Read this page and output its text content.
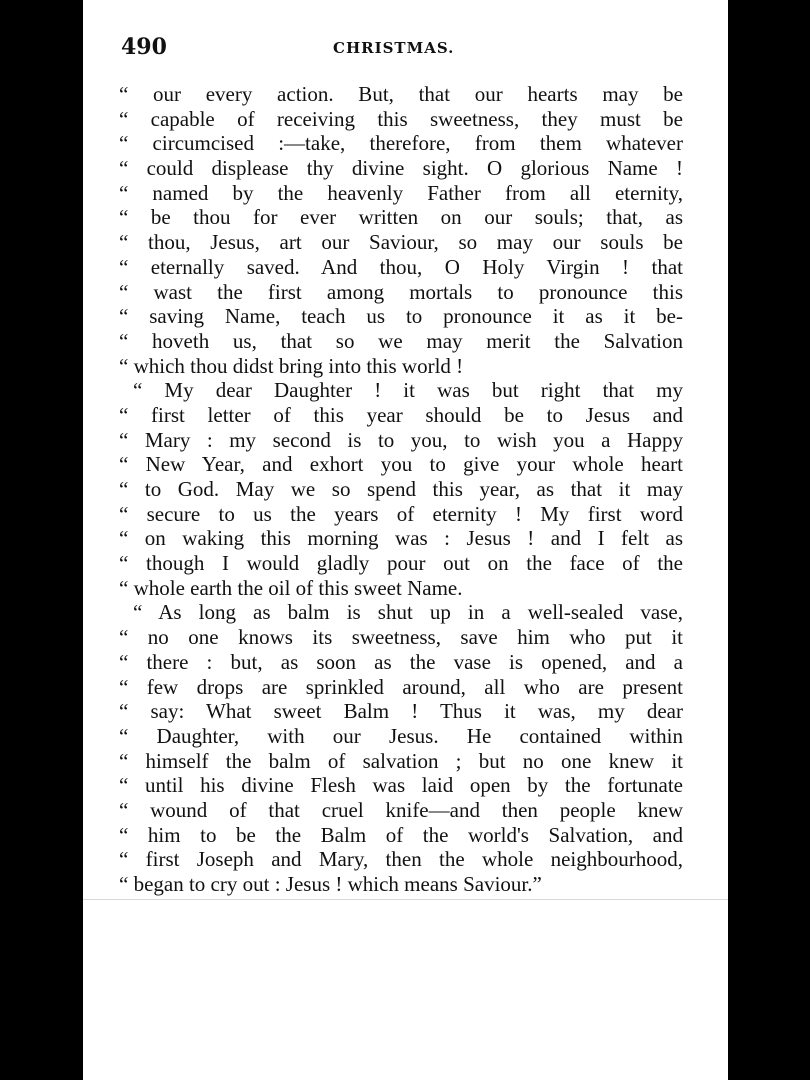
490	CHRISTMAS.
“ our every action. But, that our hearts may be
“ capable of receiving this sweetness, they must be
“ circumcised :—take, therefore, from them whatever
“ could displease thy divine sight. O glorious Name !
“ named by the heavenly Father from all eternity,
“ be thou for ever written on our souls; that, as
“ thou, Jesus, art our Saviour, so may our souls be
“ eternally saved. And thou, O Holy Virgin ! that
“ wast the first among mortals to pronounce this
“ saving Name, teach us to pronounce it as it be-
“ hoveth us, that so we may merit the Salvation
“ which thou didst bring into this world !
“ My dear Daughter ! it was but right that my
“ first letter of this year should be to Jesus and
“ Mary : my second is to you, to wish you a Happy
“ New Year, and exhort you to give your whole heart
“ to God. May we so spend this year, as that it may
“ secure to us the years of eternity ! My first word
“ on waking this morning was : Jesus ! and I felt as
“ though I would gladly pour out on the face of the
“ whole earth the oil of this sweet Name.
“ As long as balm is shut up in a well-sealed vase,
“ no one knows its sweetness, save him who put it
“ there : but, as soon as the vase is opened, and a
“ few drops are sprinkled around, all who are present
“ say: What sweet Balm ! Thus it was, my dear
“ Daughter, with our Jesus. He contained within
“ himself the balm of salvation ; but no one knew it
“ until his divine Flesh was laid open by the fortunate
“ wound of that cruel knife—and then people knew
“ him to be the Balm of the world's Salvation, and
“ first Joseph and Mary, then the whole neighbourhood,
“ began to cry out : Jesus ! which means Saviour.”
